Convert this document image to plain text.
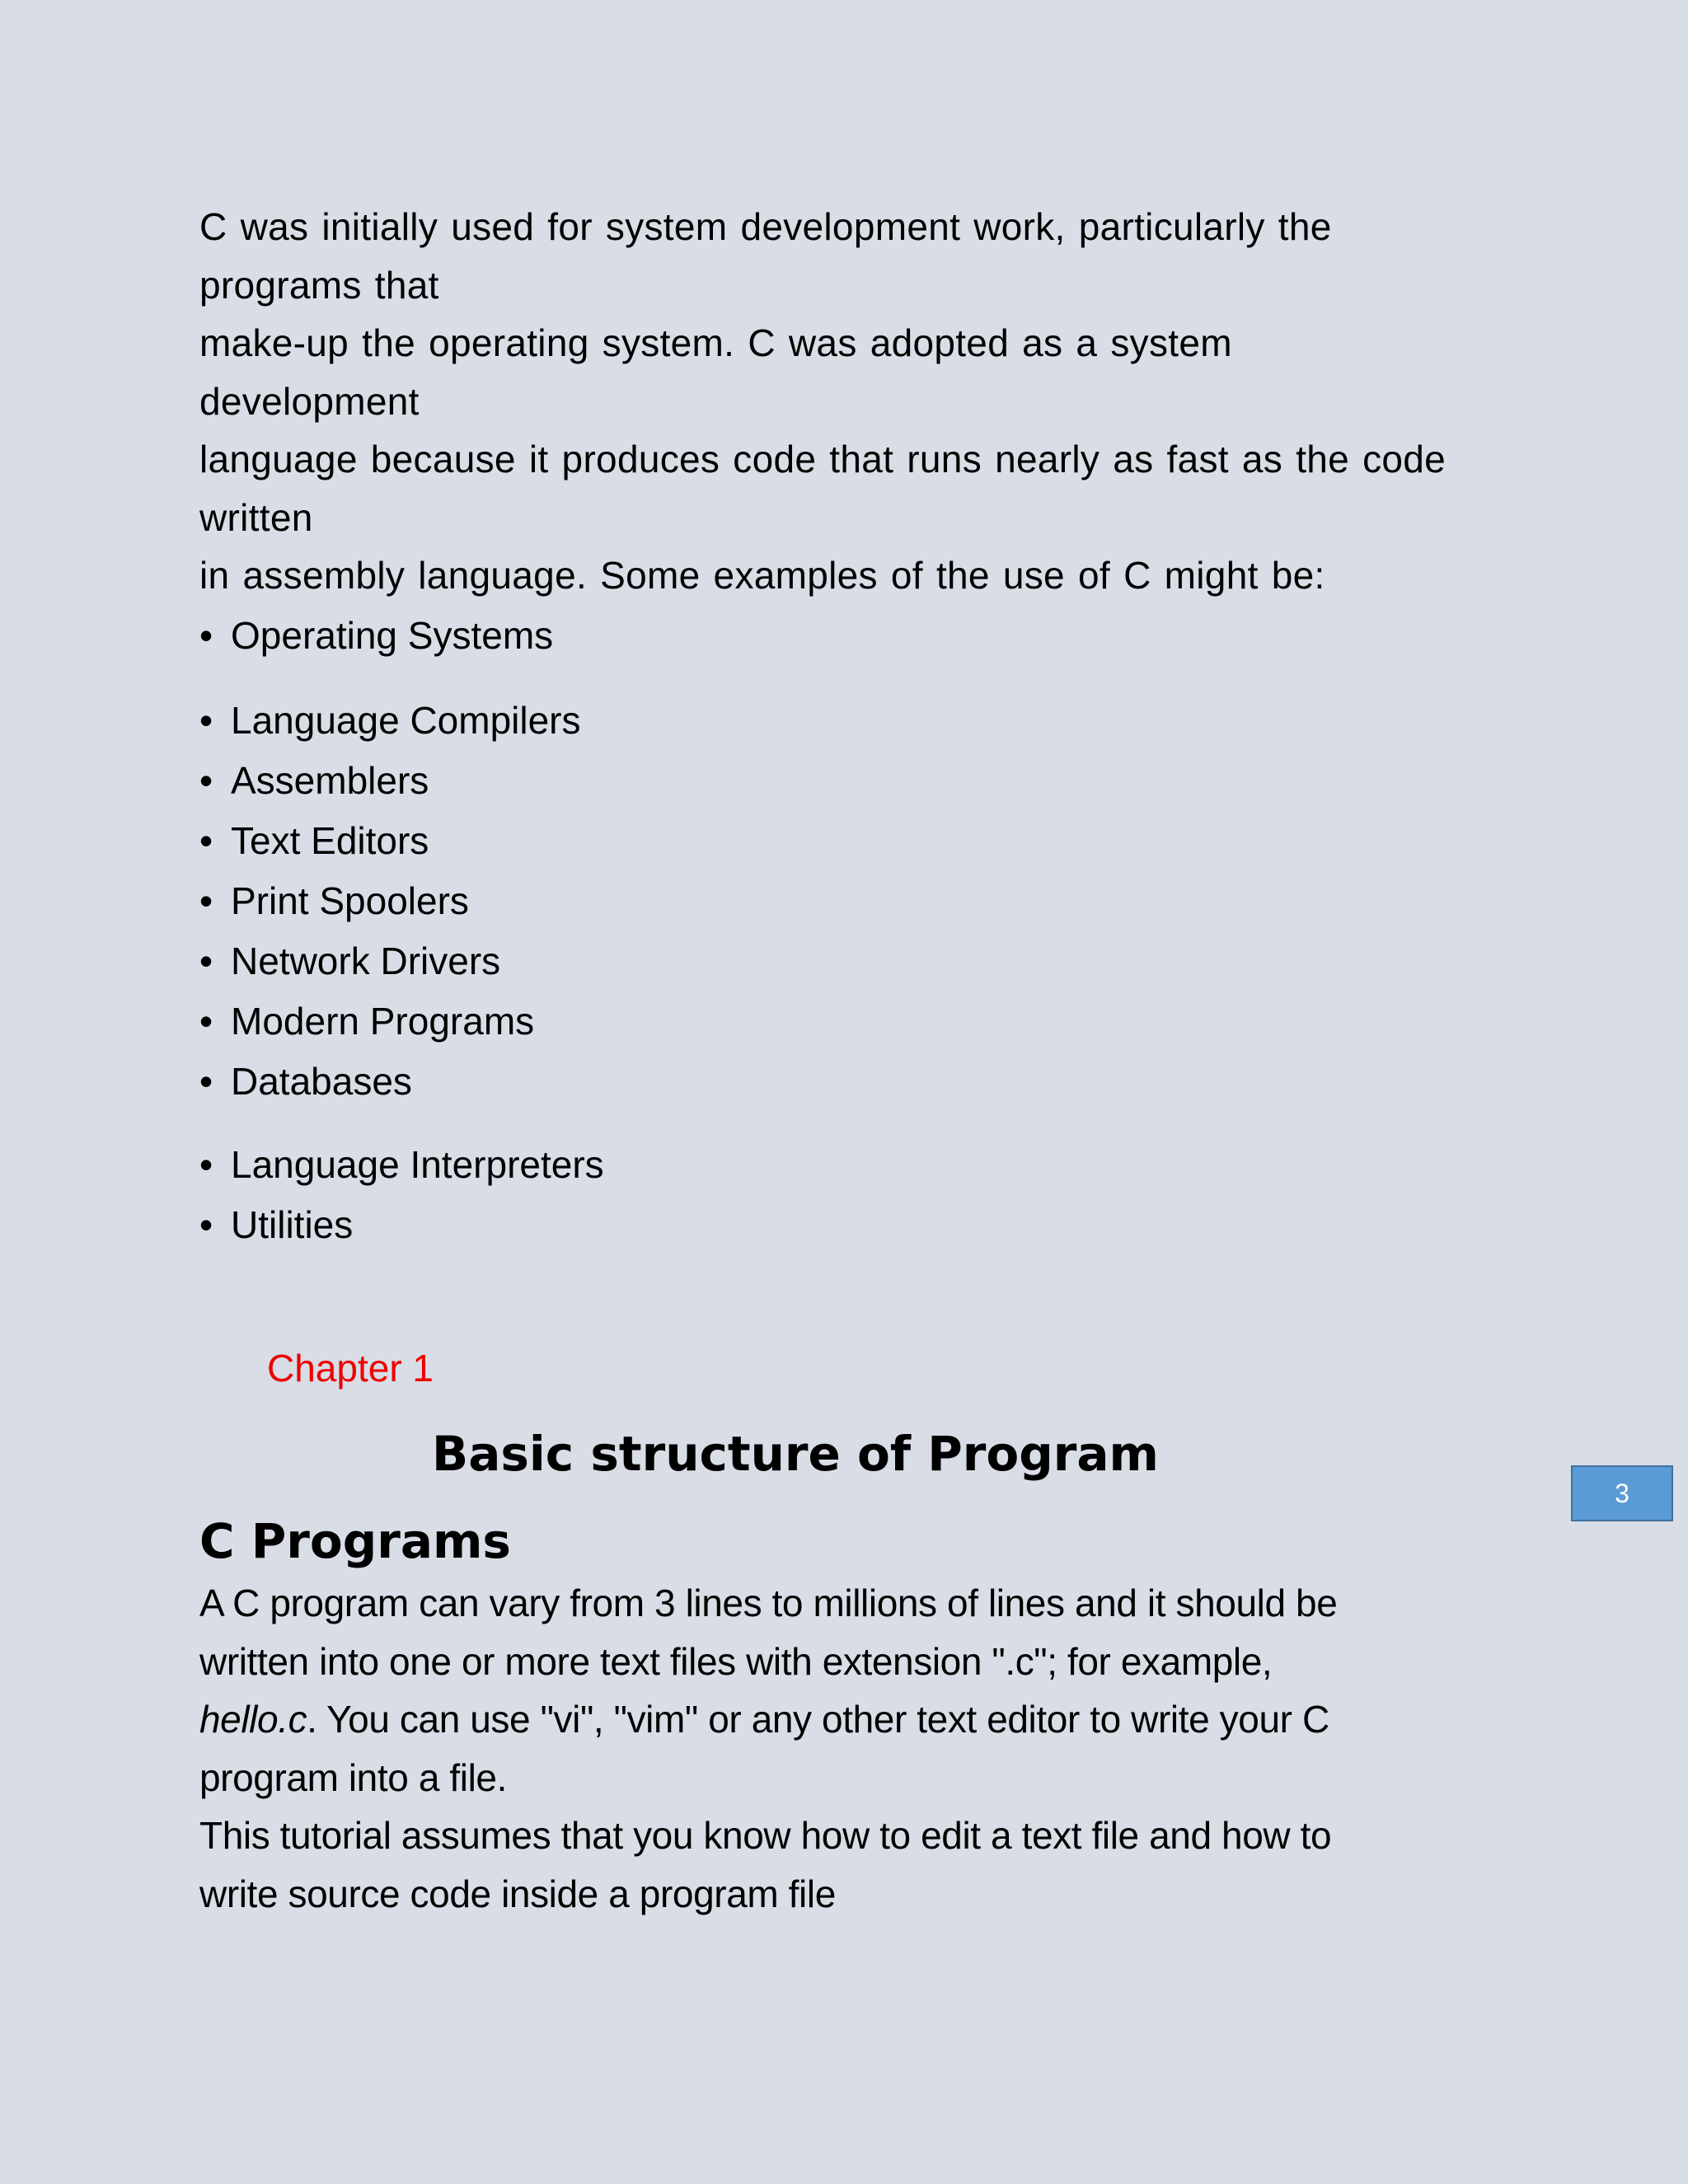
C was initially used for system development work, particularly the

programs that

make-up the operating system. C was adopted as a system

development

language because it produces code that runs nearly as fast as the code

written

in assembly language. Some examples of the use of C might be:

• Operating Systems
• Language Compilers
• Assemblers
• Text Editors
• Print Spoolers
• Network Drivers
• Modern Programs
• Databases
• Language Interpreters
• Utilities
Chapter 1
Basic structure of Program
C Programs

A C program can vary from 3 lines to millions of lines and it should be
written into one or more text files with extension ".c"; for example,
hello.c. You can use "vi", "vim" or any other text editor to write your C
program into a file.

This tutorial assumes that you know how to edit a text file and how to
write source code inside a program file

3
